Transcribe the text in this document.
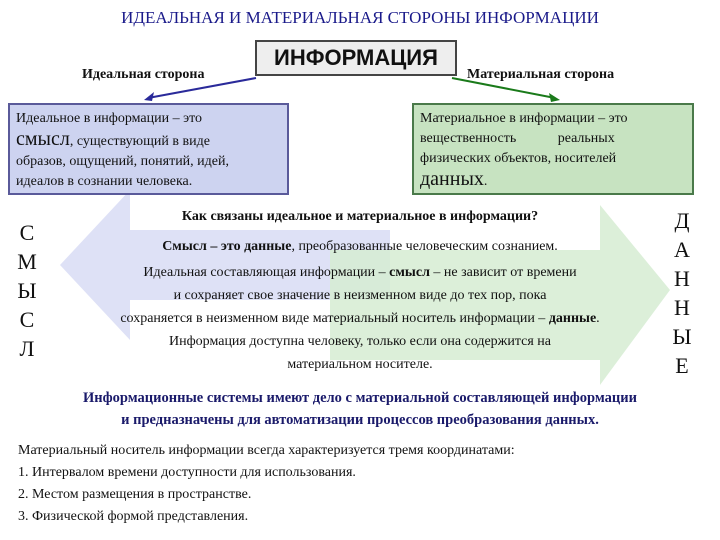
ИДЕАЛЬНАЯ И МАТЕРИАЛЬНАЯ СТОРОНЫ ИНФОРМАЦИИ
Идеальная сторона
ИНФОРМАЦИЯ
Материальная сторона
Идеальное в информации – это
смысл, существующий в виде
образов, ощущений, понятий, идей,
идеалов в сознании человека.
Материальное в информации – это
вещественность реальных
физических объектов, носителей
данных.
С
М
Ы
С
Л
Д
А
Н
Н
Ы
Е
Как связаны идеальное и материальное в информации?
Смысл – это данные, преобразованные человеческим сознанием.
Идеальная составляющая информации – смысл – не зависит от времени
и сохраняет свое значение в неизменном виде до тех пор, пока
сохраняется в неизменном виде материальный носитель информации – данные.
Информация доступна человеку, только если она содержится на
материальном носителе.
Информационные системы имеют дело с материальной составляющей информации
и предназначены для автоматизации процессов преобразования данных.
Материальный носитель информации всегда характеризуется тремя координатами:
1. Интервалом времени доступности для использования.
2. Местом размещения в пространстве.
3. Физической формой представления.
